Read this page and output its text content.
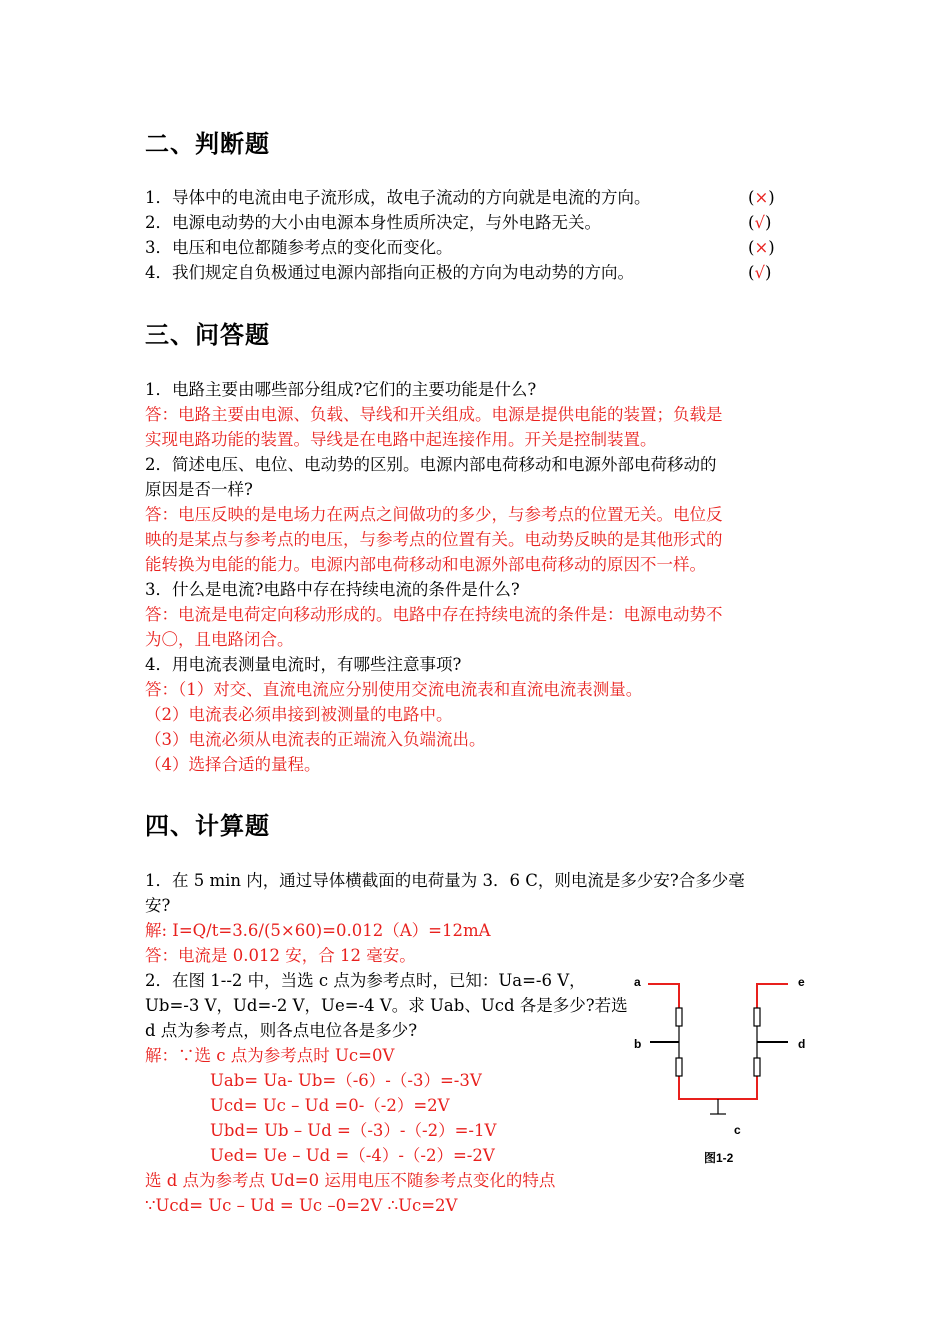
二、判断题
1．导体中的电流由电子流形成，故电子流动的方向就是电流的方向。	(×)
2．电源电动势的大小由电源本身性质所决定，与外电路无关。	(√)
3．电压和电位都随参考点的变化而变化。	(×)
4．我们规定自负极通过电源内部指向正极的方向为电动势的方向。	(√)
三、问答题
1．电路主要由哪些部分组成?它们的主要功能是什么?
答：电路主要由电源、负载、导线和开关组成。电源是提供电能的装置；负载是
实现电路功能的装置。导线是在电路中起连接作用。开关是控制装置。
2．简述电压、电位、电动势的区别。电源内部电荷移动和电源外部电荷移动的
原因是否一样?
答：电压反映的是电场力在两点之间做功的多少，与参考点的位置无关。电位反
映的是某点与参考点的电压，与参考点的位置有关。电动势反映的是其他形式的
能转换为电能的能力。电源内部电荷移动和电源外部电荷移动的原因不一样。
3．什么是电流?电路中存在持续电流的条件是什么?
答：电流是电荷定向移动形成的。电路中存在持续电流的条件是：电源电动势不
为〇，且电路闭合。
4．用电流表测量电流时，有哪些注意事项?
答：（1）对交、直流电流应分别使用交流电流表和直流电流表测量。
（2）电流表必须串接到被测量的电路中。
（3）电流必须从电流表的正端流入负端流出。
（4）选择合适的量程。
四、计算题
1．在 5 min 内，通过导体横截面的电荷量为 3．6 C，则电流是多少安?合多少毫
安?
解: I=Q/t=3.6/(5×60)=0.012（A）=12mA
答：电流是 0.012 安，合 12 毫安。
2．在图 1--2 中，当选 c 点为参考点时，已知：Ua=-6 V，
Ub=-3 V，Ud=-2 V，Ue=-4 V。求 Uab、Ucd 各是多少?若选
d 点为参考点，则各点电位各是多少?
解：∵选 c 点为参考点时 Uc=0V
Uab= Ua- Ub=（-6）-（-3）=-3V
Ucd= Uc – Ud =0-（-2）=2V
Ubd= Ub – Ud =（-3）-（-2）=-1V
Ued= Ue – Ud =（-4）-（-2）=-2V
选 d 点为参考点 Ud=0 运用电压不随参考点变化的特点
∵Ucd= Uc – Ud = Uc –0=2V ∴Uc=2V
a	e
b	d
c
图1-2
